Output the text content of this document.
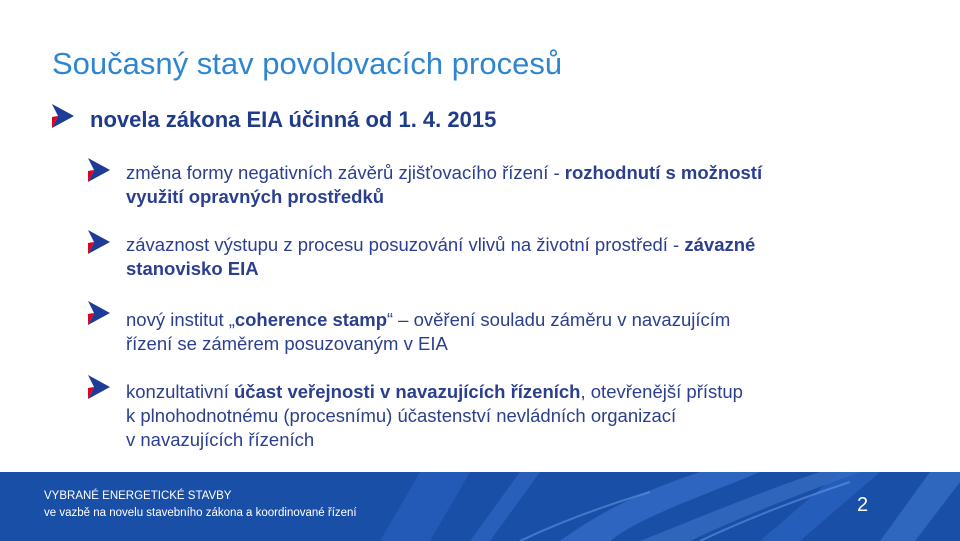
Současný stav povolovacích procesů
novela zákona EIA účinná od 1. 4. 2015
změna formy negativních závěrů zjišťovacího řízení - rozhodnutí s možností
využití opravných prostředků
závaznost výstupu z procesu posuzování vlivů na životní prostředí - závazné
stanovisko EIA
nový institut „coherence stamp“ – ověření souladu záměru v navazujícím
řízení se záměrem posuzovaným v EIA
konzultativní účast veřejnosti v navazujících řízeních, otevřenější přístup
k plnohodnotnému (procesnímu) účastenství nevládních organizací
v navazujících řízeních
VYBRANÉ ENERGETICKÉ STAVBY
ve vazbě na novelu stavebního zákona a koordinované řízení	2
